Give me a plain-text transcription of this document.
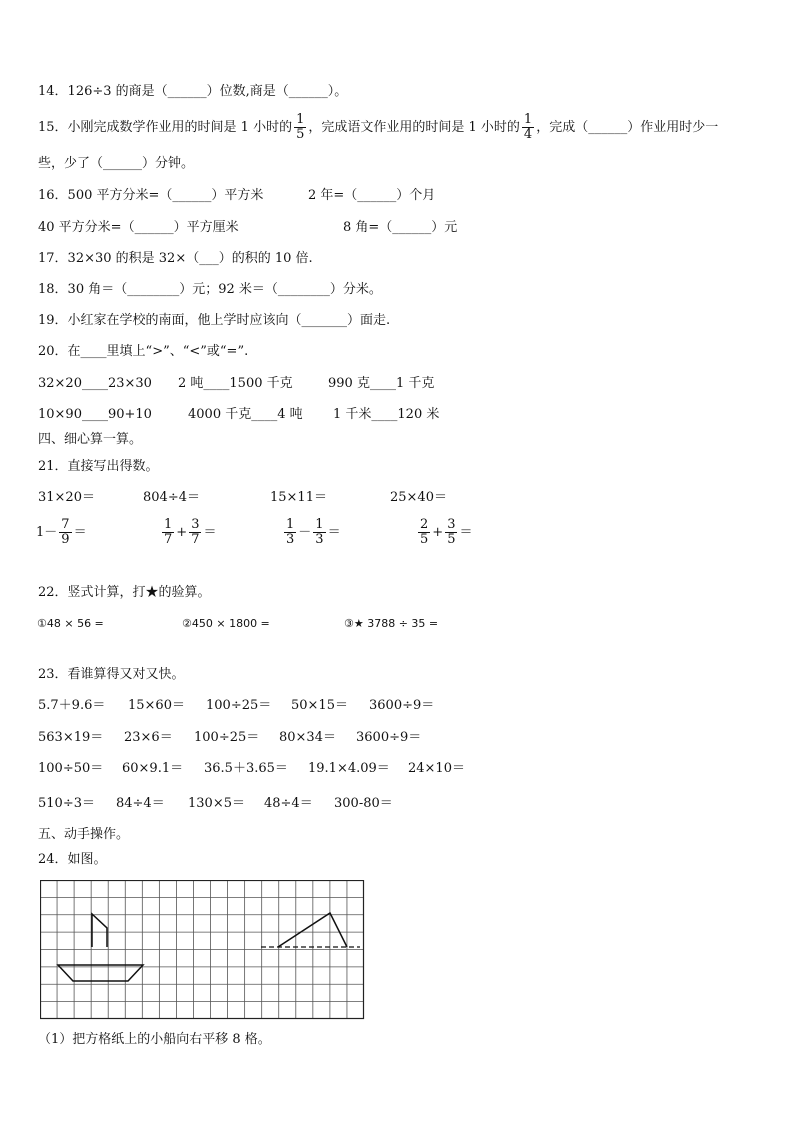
14．126÷3 的商是（______）位数,商是（______）。
15．小刚完成数学作业用的时间是 1 小时的 $\frac{1}{5}$ ，完成语文作业用的时间是 1 小时的 $\frac{1}{4}$ ，完成（______）作业用时少一
些，少了（______）分钟。
16．500 平方分米=（______）平方米	2 年=（______）个月
40 平方分米=（______）平方厘米	8 角=（______）元
17．32×30 的积是 32×（___）的积的 10 倍.
18．30 角＝（________）元；92 米＝（________）分米。
19．小红家在学校的南面，他上学时应该向（_______）面走.
20．在____里填上“>”、“<”或“=”.
32×20____23×30 2 吨____1500 千克	990 克____1 千克
10×90____90+10	4000 千克____4 吨 1 千米____120 米
四、细心算一算。
21．直接写出得数。
31×20＝	804÷4＝	15×11＝	25×40＝
$1- \frac{7}{9}$ ＝	$\frac{1}{7} + \frac{3}{7}$ ＝	$\frac{1}{3} - \frac{1}{3}$ ＝	$\frac{2}{5} + \frac{3}{5}$ ＝
22．竖式计算，打★的验算。
①48 × 56 =	②450 × 1800 =	③★ 3788 ÷ 35 =
23．看谁算得又对又快。
5.7＋9.6＝ 15×60＝ 100÷25＝ 50×15＝ 3600÷9＝
563×19＝ 23×6＝ 100÷25＝ 80×34＝ 3600÷9＝
100÷50＝ 60×9.1＝ 36.5＋3.65＝ 19.1×4.09＝ 24×10＝
510÷3＝ 84÷4＝ 130×5＝ 48÷4＝ 300-80＝
五、动手操作。
24．如图。
（1）把方格纸上的小船向右平移 8 格。
